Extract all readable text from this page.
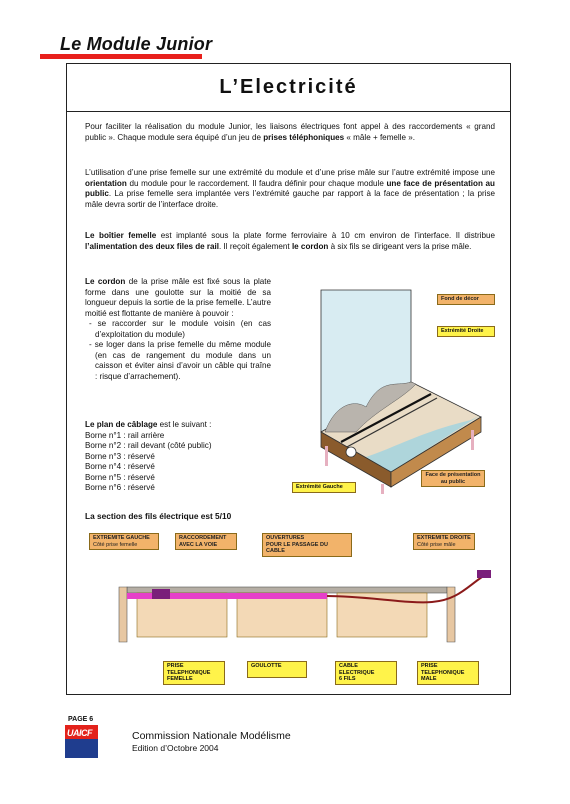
Le Module Junior
L’Electricité
Pour faciliter la réalisation du module Junior, les liaisons électriques font appel à des raccordements « grand public ». Chaque module sera équipé d’un jeu de prises téléphoniques « mâle + femelle ».
L’utilisation d’une prise femelle sur une extrémité du module et d’une prise mâle sur l’autre extrémité impose une orientation du module pour le raccordement. Il faudra définir pour chaque module une face de présentation au public. La prise femelle sera implantée vers l’extrémité gauche par rapport à la face de présentation ; la prise mâle devra sortir de l’interface droite.
Le boîtier femelle est implanté sous la plate forme ferroviaire à 10 cm environ de l’interface. Il distribue l’alimentation des deux files de rail. Il reçoit également le cordon à six fils se dirigeant vers la prise mâle.
Le cordon de la prise mâle est fixé sous la plate forme dans une goulotte sur la moitié de sa longueur depuis la sortie de la prise femelle. L’autre moitié est flottante de manière à pouvoir :
- se raccorder sur le module voisin (en cas d’exploitation du module)
- se loger dans la prise femelle du même module (en cas de rangement du module dans un caisson et éviter ainsi d’avoir un câble qui traîne : risque d’arrachement).
Le plan de câblage est le suivant :
Borne n°1 : rail arrière
Borne n°2 : rail devant (côté public)
Borne n°3 : réservé
Borne n°4 : réservé
Borne n°5 : réservé
Borne n°6 : réservé
La section des fils électrique est 5/10
Fond de décor
Extrémité Droite
Extrémité Gauche
Face de présentation au public
EXTREMITE GAUCHE
Côté prise femelle
RACCORDEMENT
AVEC LA VOIE
OUVERTURES
POUR LE PASSAGE DU CABLE
EXTREMITE DROITE
Côté prise mâle
PRISE TELEPHONIQUE
FEMELLE
GOULOTTE
	CABLE ELECTRIQUE
6 FILS
PRISE TELEPHONIQUE
MALE
PAGE 6
UAICF	Commission Nationale Modélisme
Edition d’Octobre 2004
